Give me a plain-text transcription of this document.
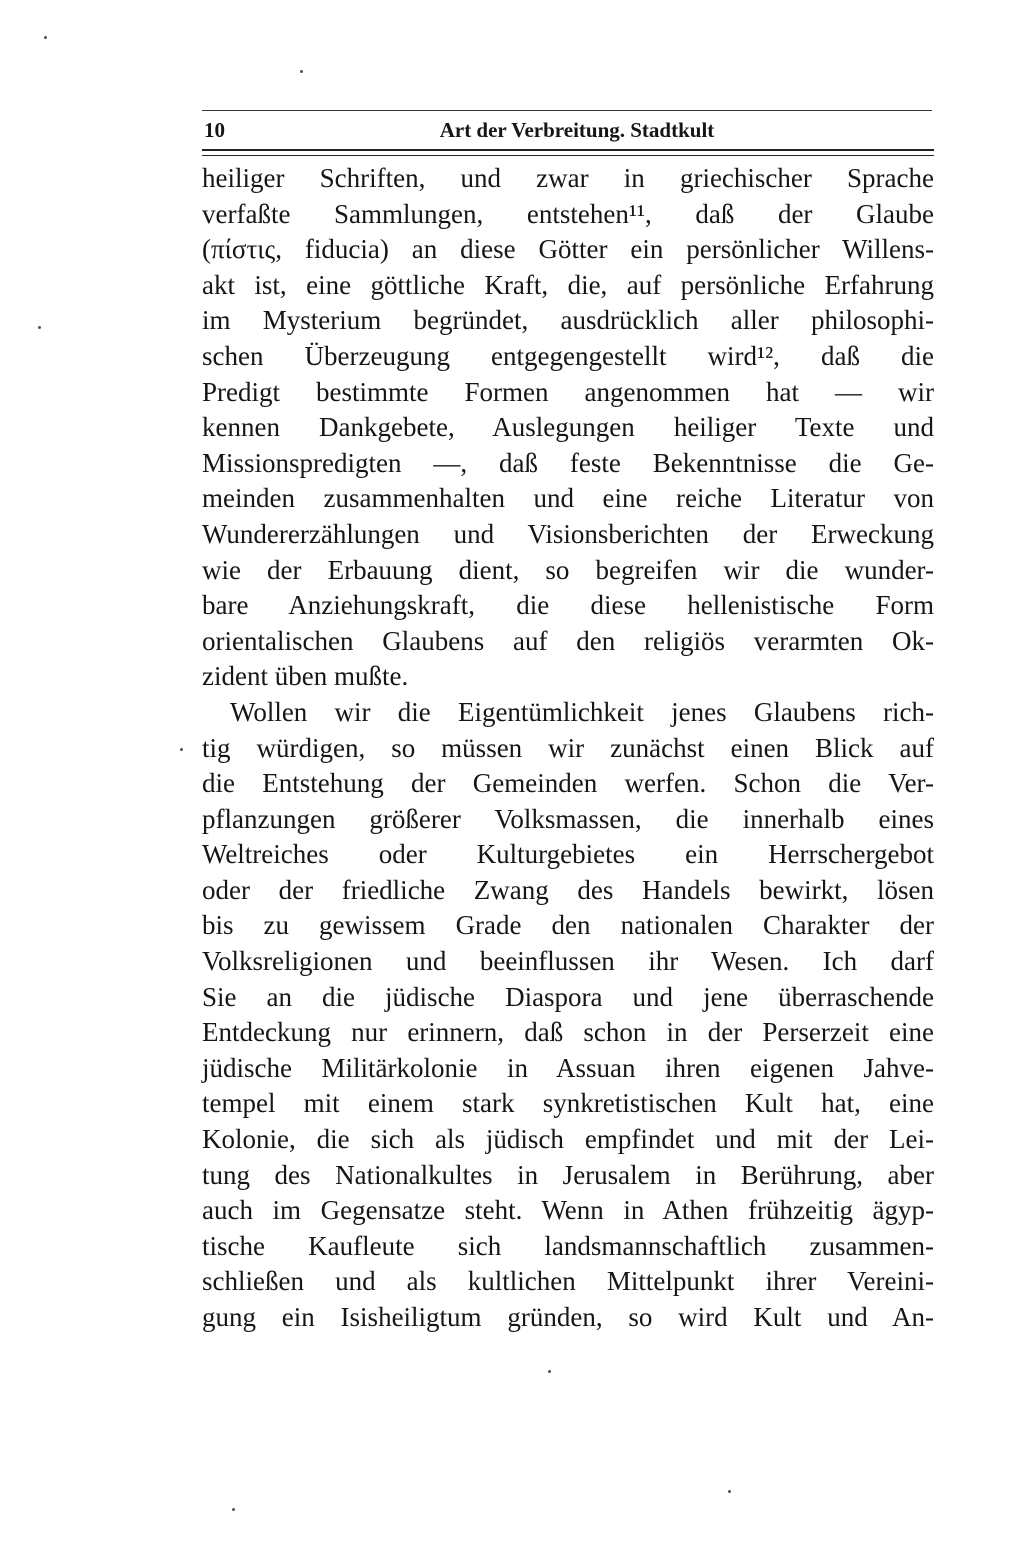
10	Art der Verbreitung. Stadtkult
heiliger Schriften, und zwar in griechischer Sprache
verfaßte Sammlungen, entstehen¹¹, daß der Glaube
(πίστις, fiducia) an diese Götter ein persönlicher Willens-
akt ist, eine göttliche Kraft, die, auf persönliche Erfahrung
im Mysterium begründet, ausdrücklich aller philosophi-
schen Überzeugung entgegengestellt wird¹², daß die
Predigt bestimmte Formen angenommen hat — wir
kennen Dankgebete, Auslegungen heiliger Texte und
Missionspredigten —, daß feste Bekenntnisse die Ge-
meinden zusammenhalten und eine reiche Literatur von
Wundererzählungen und Visionsberichten der Erweckung
wie der Erbauung dient, so begreifen wir die wunder-
bare Anziehungskraft, die diese hellenistische Form
orientalischen Glaubens auf den religiös verarmten Ok-
zident üben mußte.
Wollen wir die Eigentümlichkeit jenes Glaubens rich-
tig würdigen, so müssen wir zunächst einen Blick auf
die Entstehung der Gemeinden werfen. Schon die Ver-
pflanzungen größerer Volksmassen, die innerhalb eines
Weltreiches oder Kulturgebietes ein Herrschergebot
oder der friedliche Zwang des Handels bewirkt, lösen
bis zu gewissem Grade den nationalen Charakter der
Volksreligionen und beeinflussen ihr Wesen. Ich darf
Sie an die jüdische Diaspora und jene überraschende
Entdeckung nur erinnern, daß schon in der Perserzeit eine
jüdische Militärkolonie in Assuan ihren eigenen Jahve-
tempel mit einem stark synkretistischen Kult hat, eine
Kolonie, die sich als jüdisch empfindet und mit der Lei-
tung des Nationalkultes in Jerusalem in Berührung, aber
auch im Gegensatze steht. Wenn in Athen frühzeitig ägyp-
tische Kaufleute sich landsmannschaftlich zusammen-
schließen und als kultlichen Mittelpunkt ihrer Vereini-
gung ein Isisheiligtum gründen, so wird Kult und An-
